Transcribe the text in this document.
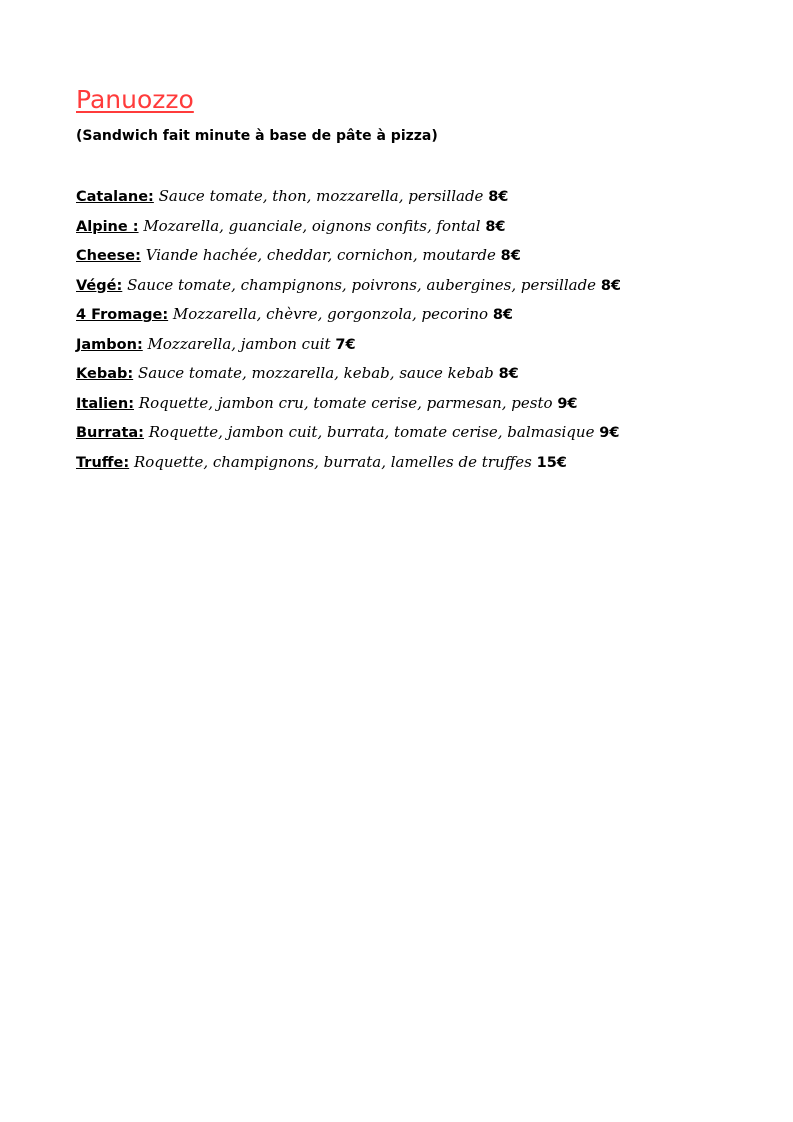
Panuozzo

(Sandwich fait minute à base de pâte à pizza)

Catalane: Sauce tomate, thon, mozzarella, persillade 8€
Alpine : Mozarella, guanciale, oignons confits, fontal 8€
Cheese: Viande hachée, cheddar, cornichon, moutarde 8€
Végé: Sauce tomate, champignons, poivrons, aubergines, persillade 8€
4 Fromage: Mozzarella, chèvre, gorgonzola, pecorino 8€
Jambon: Mozzarella, jambon cuit 7€
Kebab: Sauce tomate, mozzarella, kebab, sauce kebab 8€
Italien: Roquette, jambon cru, tomate cerise, parmesan, pesto 9€
Burrata: Roquette, jambon cuit, burrata, tomate cerise, balmasique 9€
Truffe: Roquette, champignons, burrata, lamelles de truffes 15€
